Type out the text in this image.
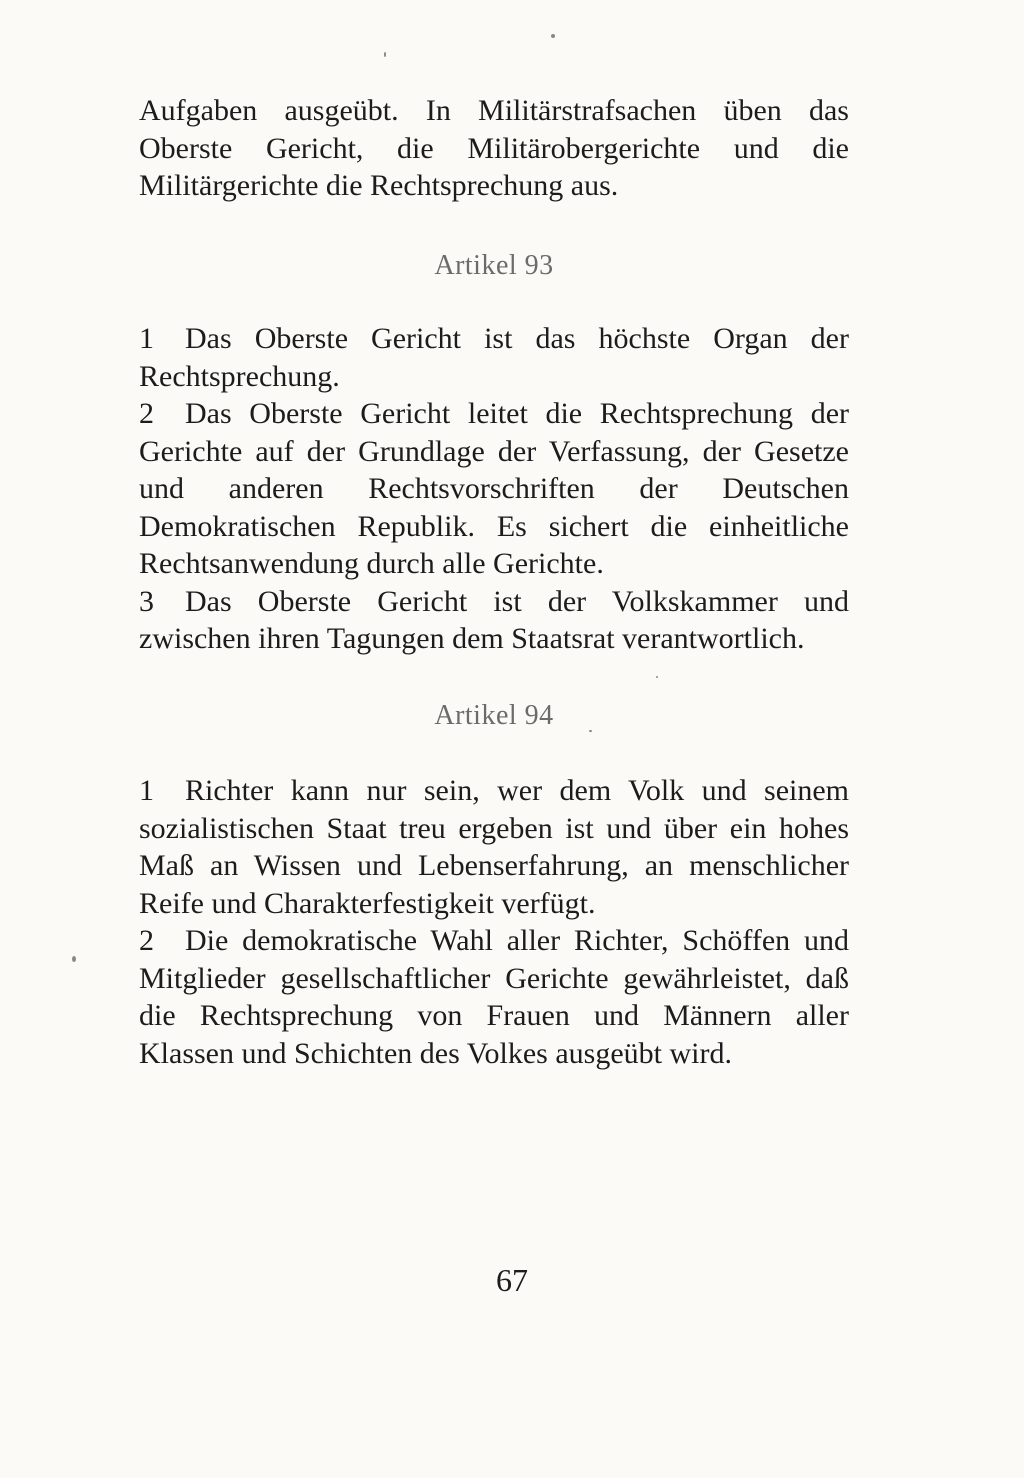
Aufgaben ausgeübt. In Militärstrafsachen üben das Oberste Gericht, die Militärobergerichte und die Militärgerichte die Rechtsprechung aus.

Artikel 93

1 Das Oberste Gericht ist das höchste Organ der Rechtsprechung.

2 Das Oberste Gericht leitet die Rechtsprechung der Gerichte auf der Grundlage der Verfassung, der Gesetze und anderen Rechtsvorschriften der Deutschen Demokratischen Republik. Es sichert die einheitliche Rechtsanwendung durch alle Gerichte.

3 Das Oberste Gericht ist der Volkskammer und zwischen ihren Tagungen dem Staatsrat verantwortlich.

Artikel 94

1 Richter kann nur sein, wer dem Volk und seinem sozialistischen Staat treu ergeben ist und über ein hohes Maß an Wissen und Lebenserfahrung, an menschlicher Reife und Charakterfestigkeit verfügt.

2 Die demokratische Wahl aller Richter, Schöffen und Mitglieder gesellschaftlicher Gerichte gewährleistet, daß die Rechtsprechung von Frauen und Männern aller Klassen und Schichten des Volkes ausgeübt wird.

67
